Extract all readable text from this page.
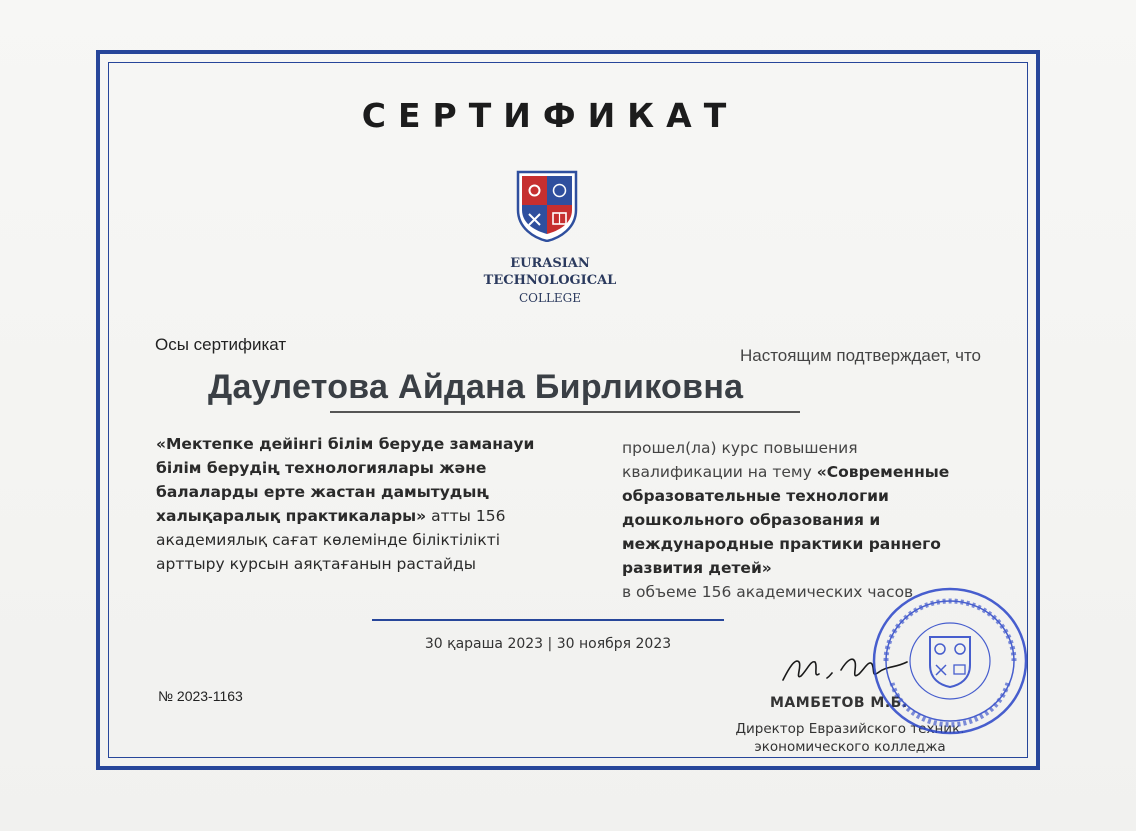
СЕРТИФИКАТ
EURASIAN
TECHNOLOGICAL
COLLEGE
Осы сертификат
Настоящим подтверждает, что
Даулетова Айдана Бирликовна
«Мектепке дейінгі білім беруде заманауи білім берудің технологиялары және балаларды ерте жастан дамытудың халықаралық практикалары» атты 156 академиялық сағат көлемінде біліктілікті арттыру курсын аяқтағанын растайды
прошел(ла) курс повышения квалификации на тему «Современные образовательные технологии дошкольного образования и международные практики раннего развития детей»
в объеме 156 академических часов
30 қараша 2023 | 30 ноября 2023
№ 2023-1163	МАМБЕТОВ М.Б.
Директор Евразийского техник.
экономического колледжа
